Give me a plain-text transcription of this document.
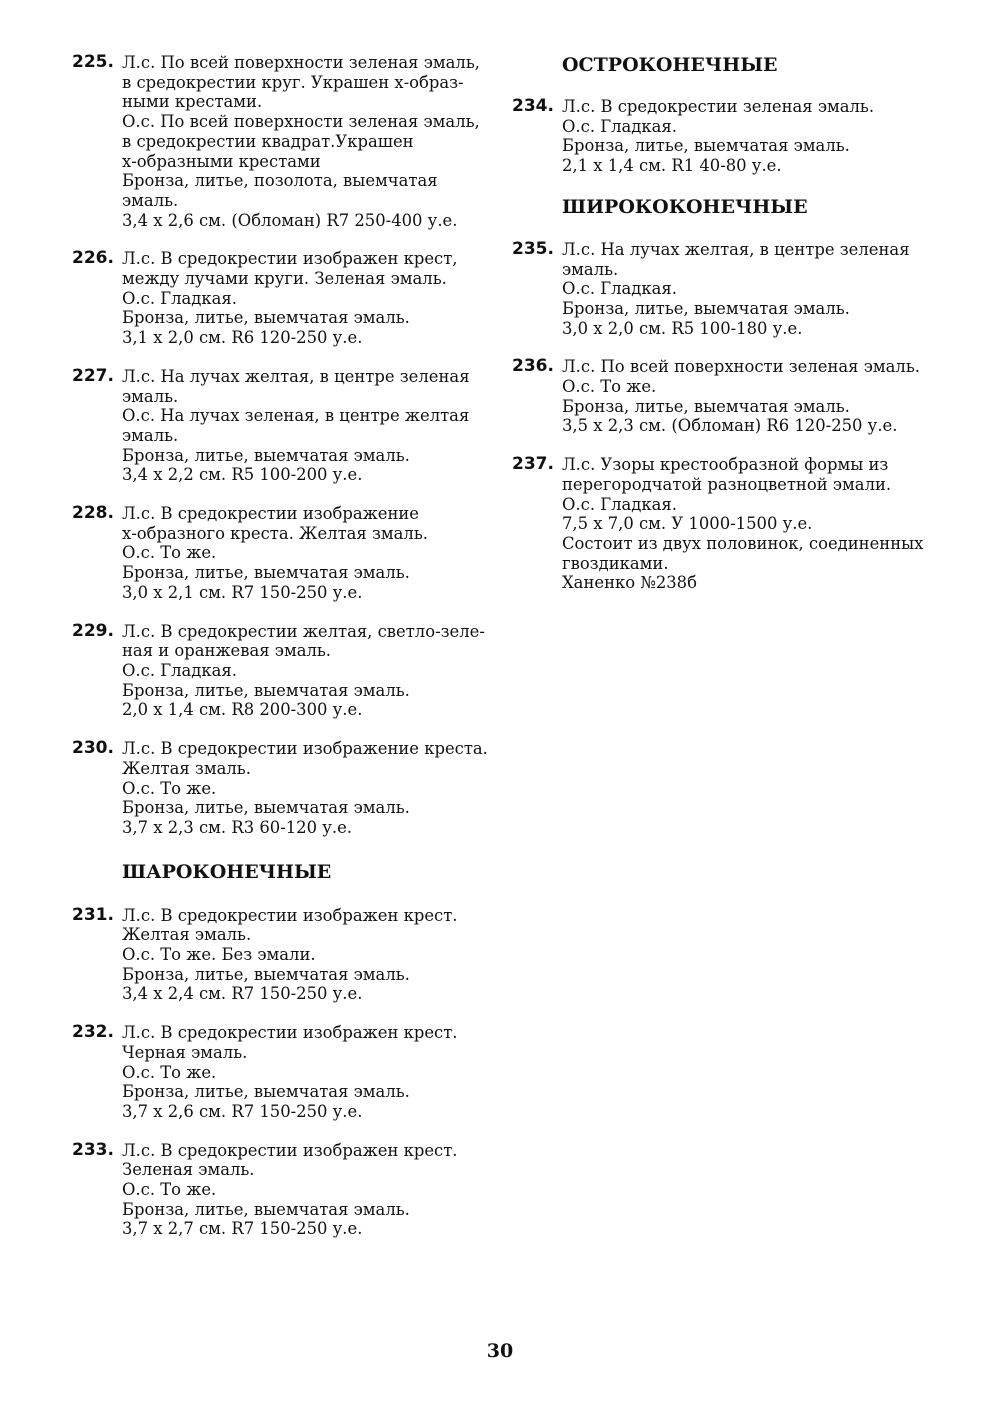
225. Л.с. По всей поверхности зеленая эмаль,
в средокрестии круг. Украшен х-образ-
ными крестами.
О.с. По всей поверхности зеленая эмаль,
в средокрестии квадрат.Украшен
х-образными крестами
Бронза, литье, позолота, выемчатая
эмаль.
3,4 х 2,6 см. (Обломан) R7 250-400 у.е.
226. Л.с. В средокрестии изображен крест,
между лучами круги. Зеленая эмаль.
О.с. Гладкая.
Бронза, литье, выемчатая эмаль.
3,1 х 2,0 см. R6 120-250 у.е.
227. Л.с. На лучах желтая, в центре зеленая
эмаль.
О.с. На лучах зеленая, в центре желтая
эмаль.
Бронза, литье, выемчатая эмаль.
3,4 х 2,2 см. R5 100-200 у.е.
228. Л.с. В средокрестии изображение
х-образного креста. Желтая змаль.
О.с. То же.
Бронза, литье, выемчатая эмаль.
3,0 х 2,1 см. R7 150-250 у.е.
229. Л.с. В средокрестии желтая, светло-зеле-
ная и оранжевая эмаль.
О.с. Гладкая.
Бронза, литье, выемчатая эмаль.
2,0 х 1,4 см. R8 200-300 у.е.
230. Л.с. В средокрестии изображение креста.
Желтая змаль.
О.с. То же.
Бронза, литье, выемчатая эмаль.
3,7 х 2,3 см. R3 60-120 у.е.
ШАРОКОНЕЧНЫЕ
231. Л.с. В средокрестии изображен крест.
Желтая эмаль.
О.с. То же. Без эмали.
Бронза, литье, выемчатая эмаль.
3,4 х 2,4 см. R7 150-250 у.е.
232. Л.с. В средокрестии изображен крест.
Черная эмаль.
О.с. То же.
Бронза, литье, выемчатая эмаль.
3,7 х 2,6 см. R7 150-250 у.е.
233. Л.с. В средокрестии изображен крест.
Зеленая эмаль.
О.с. То же.
Бронза, литье, выемчатая эмаль.
3,7 х 2,7 см. R7 150-250 у.е.
ОСТРОКОНЕЧНЫЕ
234. Л.с. В средокрестии зеленая эмаль.
О.с. Гладкая.
Бронза, литье, выемчатая эмаль.
2,1 х 1,4 см. R1 40-80 у.е.
ШИРОКОКОНЕЧНЫЕ
235. Л.с. На лучах желтая, в центре зеленая
эмаль.
О.с. Гладкая.
Бронза, литье, выемчатая эмаль.
3,0 х 2,0 см. R5 100-180 у.е.
236. Л.с. По всей поверхности зеленая эмаль.
О.с. То же.
Бронза, литье, выемчатая эмаль.
3,5 х 2,3 см. (Обломан) R6 120-250 у.е.
237. Л.с. Узоры крестообразной формы из
перегородчатой разноцветной эмали.
О.с. Гладкая.
7,5 х 7,0 см. У 1000-1500 у.е.
Состоит из двух половинок, соединенных
гвоздиками.
Ханенко №238б
30
